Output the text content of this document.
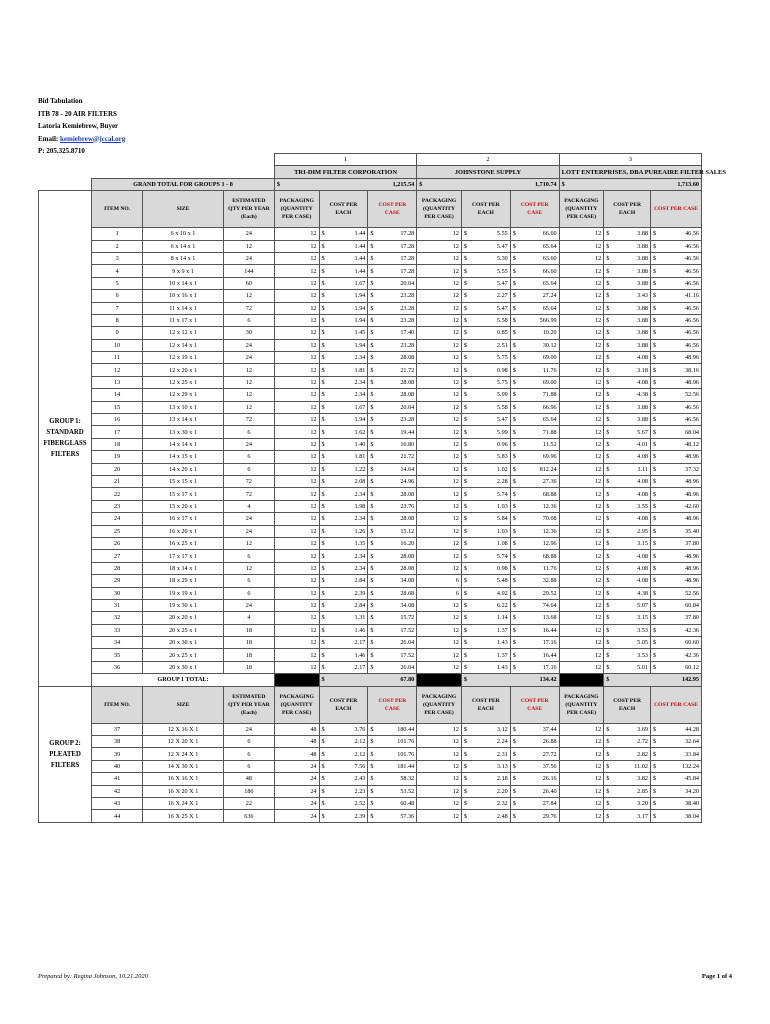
Bid Tabulation
ITB 78 - 20 AIR FILTERS
Latoria Kemiebrew, Buyer
Email: kemiebrew@jccal.org
P: 205.325.8710
				1			2			3		
				TRI-DIM FILTER CORPORATION			JOHNSTONE SUPPLY			LOTT ENTERPRISES, DBA PUREAIRE FILTER SALES		
	GRAND TOTAL FOR GROUPS 1 - 8			$ 1,215.54			$ 1,710.74			$ 1,713.60		

GROUP 1: STANDARD FIBERGLASS FILTERS	ITEM NO.	SIZE	ESTIMATED QTY PER YEAR (Each)	PACKAGING (QUANTITY PER CASE)	COST PER EACH	COST PER CASE	PACKAGING (QUANTITY PER CASE)	COST PER EACH	COST PER CASE	PACKAGING (QUANTITY PER CASE)	COST PER EACH	COST PER CASE
	1	6 x 10 x 1	24	12	$ 1.44	$ 17.28	12	$ 5.55	$ 66.60	12	$ 3.88	$ 46.56

	2	6 x 14 x 1	12	12	$ 1.44	$ 17.28	12	$ 5.47	$ 65.64	12	$ 3.88	$ 46.56

	3	8 x 14 x 1	24	12	$ 1.44	$ 17.28	12	$ 5.30	$ 63.60	12	$ 3.88	$ 46.56

	4	9 x 9 x 1	144	12	$ 1.44	$ 17.28	12	$ 5.55	$ 66.60	12	$ 3.88	$ 46.56

	5	10 x 14 x 1	60	12	$ 1.67	$ 20.04	12	$ 5.47	$ 65.64	12	$ 3.88	$ 46.56

	6	10 x 16 x 1	12	12	$ 1.94	$ 23.28	12	$ 2.27	$ 27.24	12	$ 3.43	$ 41.16

	7	11 x 14 x 1	72	12	$ 1.94	$ 23.28	12	$ 5.47	$ 65.64	12	$ 3.88	$ 46.56

	8	11 x 17 x 1	6	12	$ 1.94	$ 23.28	12	$ 5.58	$ 566.99	12	$ 3.88	$ 46.56

	9	12 x 12 x 1	30	12	$ 1.45	$ 17.40	12	$ 0.85	$ 10.20	12	$ 3.88	$ 46.56

	10	12 x 14 x 1	24	12	$ 1.94	$ 23.28	12	$ 2.51	$ 30.12	12	$ 3.88	$ 46.56

	11	12 x 19 x 1	24	12	$ 2.34	$ 28.08	12	$ 5.75	$ 69.00	12	$ 4.08	$ 48.96

	12	12 x 20 x 1	12	12	$ 1.81	$ 21.72	12	$ 0.98	$ 11.76	12	$ 3.18	$ 38.16

	13	12 x 25 x 1	12	12	$ 2.34	$ 28.08	12	$ 5.75	$ 69.00	12	$ 4.08	$ 48.96

	14	12 x 29 x 1	12	12	$ 2.34	$ 28.08	12	$ 5.99	$ 71.88	12	$ 4.38	$ 52.56

	15	13 x 10 x 1	12	12	$ 1.67	$ 20.04	12	$ 5.58	$ 66.96	12	$ 3.88	$ 46.56

	16	13 x 14 x 1	72	12	$ 1.94	$ 23.28	12	$ 5.47	$ 65.64	12	$ 3.88	$ 46.56

	17	13 x 30 x 1	6	12	$ 1.62	$ 19.44	12	$ 5.99	$ 71.88	12	$ 5.67	$ 68.04

	18	14 x 14 x 1	24	12	$ 1.40	$ 16.80	12	$ 0.96	$ 11.52	12	$ 4.01	$ 48.12

	19	14 x 15 x 1	6	12	$ 1.81	$ 21.72	12	$ 5.83	$ 69.96	12	$ 4.08	$ 48.96

	20	14 x 20 x 1	6	12	$ 1.22	$ 14.64	12	$ 1.02	$ 812.24	12	$ 3.11	$ 37.32

	21	15 x 15 x 1	72	12	$ 2.08	$ 24.96	12	$ 2.28	$ 27.36	12	$ 4.08	$ 48.96

	22	15 x 17 x 1	72	12	$ 2.34	$ 28.08	12	$ 5.74	$ 68.88	12	$ 4.08	$ 48.96

	23	15 x 20 x 1	4	12	$ 1.98	$ 23.76	12	$ 1.03	$ 12.36	12	$ 3.55	$ 42.60

	24	16 x 17 x 1	24	12	$ 2.34	$ 28.08	12	$ 5.84	$ 70.08	12	$ 4.08	$ 48.96

	25	16 x 20 x 1	24	12	$ 1.26	$ 15.12	12	$ 1.03	$ 12.36	12	$ 2.95	$ 35.40

	26	16 x 25 x 1	12	12	$ 1.35	$ 16.20	12	$ 1.08	$ 12.96	12	$ 3.15	$ 37.80

	27	17 x 17 x 1	6	12	$ 2.34	$ 28.08	12	$ 5.74	$ 68.88	12	$ 4.08	$ 48.96

	28	18 x 14 x 1	12	12	$ 2.34	$ 28.08	12	$ 0.98	$ 11.76	12	$ 4.08	$ 48.96

	29	18 x 29 x 1	6	12	$ 2.84	$ 34.08	6	$ 5.48	$ 32.88	12	$ 4.08	$ 48.96

	30	19 x 19 x 1	6	12	$ 2.39	$ 28.68	6	$ 4.92	$ 29.52	12	$ 4.38	$ 52.56

	31	19 x 30 x 1	24	12	$ 2.84	$ 34.08	12	$ 6.22	$ 74.64	12	$ 5.07	$ 60.84

	32	20 x 20 x 1	4	12	$ 1.31	$ 15.72	12	$ 1.14	$ 13.68	12	$ 3.15	$ 37.80

	33	20 x 25 x 1	18	12	$ 1.46	$ 17.52	12	$ 1.37	$ 16.44	12	$ 3.53	$ 42.36

	34	20 x 30 x 1	18	12	$ 2.17	$ 26.04	12	$ 1.43	$ 17.16	12	$ 5.05	$ 60.60

	35	20 x 25 x 1	18	12	$ 1.46	$ 17.52	12	$ 1.37	$ 16.44	12	$ 3.53	$ 42.36

	36	20 x 30 x 1	18	12	$ 2.17	$ 26.04	12	$ 1.43	$ 17.16	12	$ 5.01	$ 60.12

	GROUP 1 TOTAL:				$ 67.80			$ 134.42			$ 142.95	

GROUP 2: PLEATED FILTERS	ITEM NO.	SIZE	ESTIMATED QTY PER YEAR (Each)	PACKAGING (QUANTITY PER CASE)	COST PER EACH	COST PER CASE	PACKAGING (QUANTITY PER CASE)	COST PER EACH	COST PER CASE	PACKAGING (QUANTITY PER CASE)	COST PER EACH	COST PER CASE
	37	12 X 16 X 1	24	48	$ 3.76	$ 180.44	12	$ 3.12	$ 37.44	12	$ 3.69	$ 44.28

	38	12 X 20 X 1	6	48	$ 2.12	$ 101.76	12	$ 2.24	$ 26.88	12	$ 2.72	$ 32.64

	39	12 X 24 X 1	6	48	$ 2.12	$ 101.76	12	$ 2.31	$ 27.72	12	$ 2.82	$ 33.84

	40	14 X 30 X 1	6	24	$ 7.56	$ 181.44	12	$ 3.13	$ 37.56	12	$ 11.02	$ 132.24

	41	16 X 16 X 1	48	24	$ 2.43	$ 58.32	12	$ 2.18	$ 26.16	12	$ 3.82	$ 45.84

	42	16 X 20 X 1	186	24	$ 2.23	$ 53.52	12	$ 2.20	$ 26.40	12	$ 2.85	$ 34.20

	43	16 X 24 X 1	22	24	$ 2.52	$ 60.48	12	$ 2.32	$ 27.84	12	$ 3.20	$ 38.40

	44	16 X 25 X 1	636	24	$ 2.39	$ 57.36	12	$ 2.48	$ 29.76	12	$ 3.17	$ 38.04
Prepared by: Regina Johnson, 10.21.2020	Page 1 of 4
